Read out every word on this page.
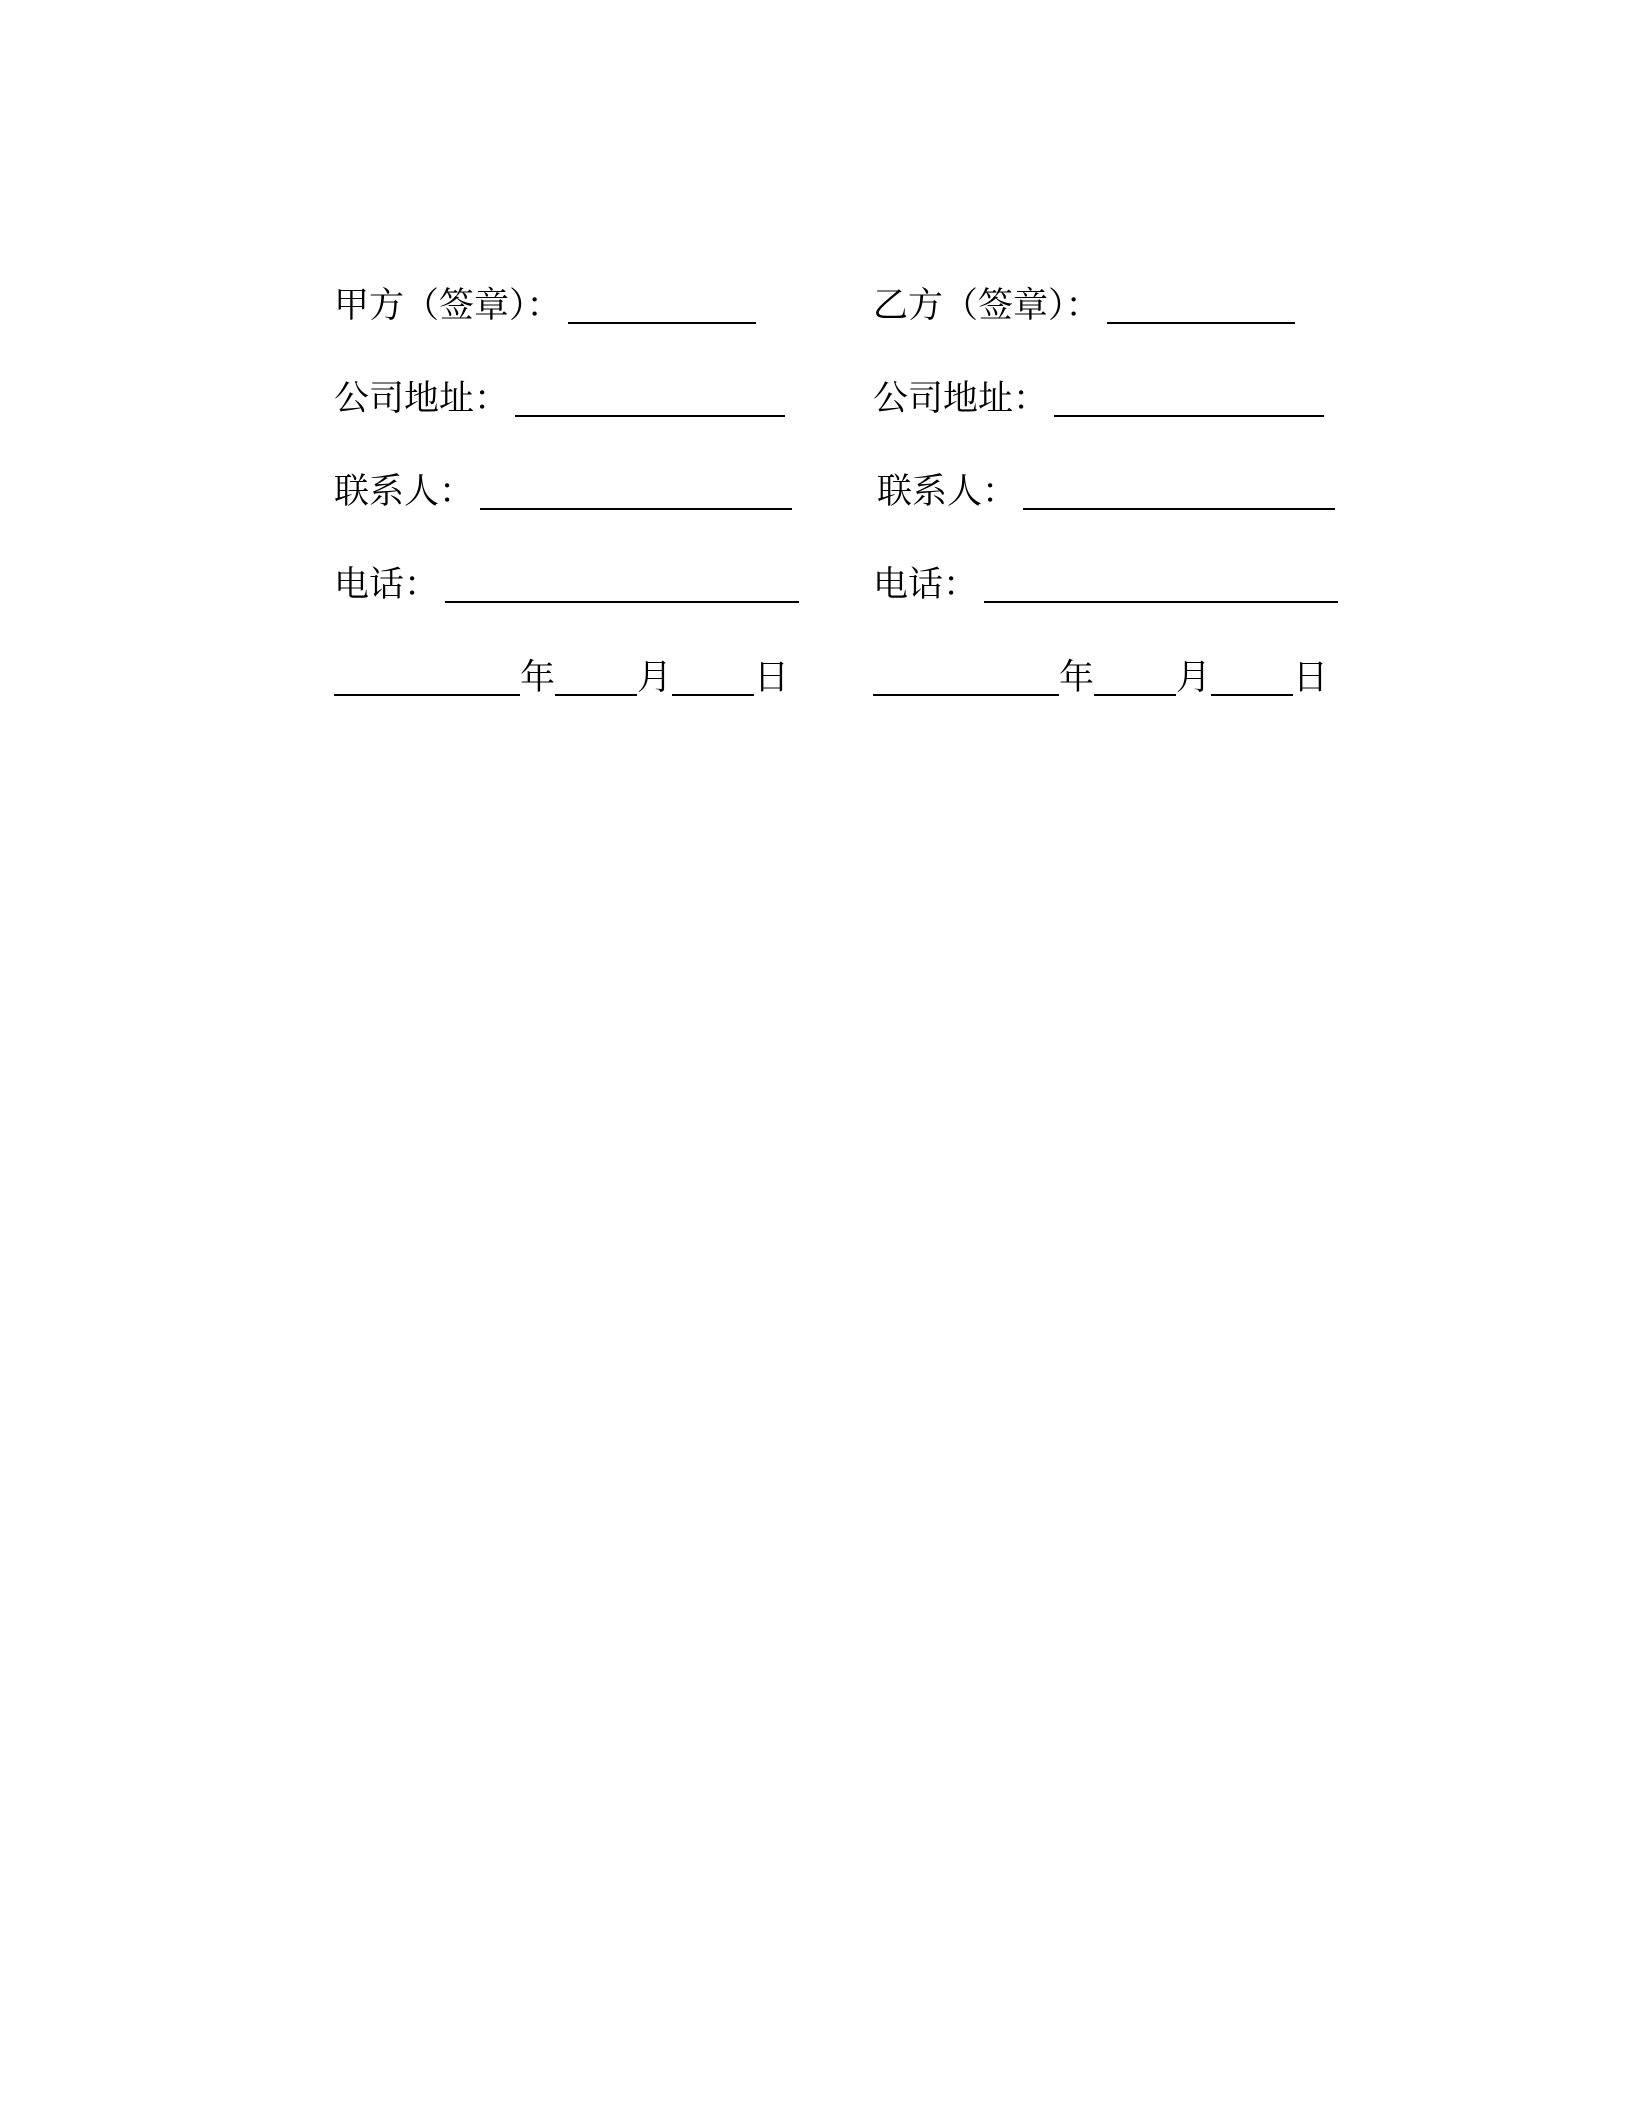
甲方（签章）：
公司地址：
联系人：
电话：
年 月 日
乙方（签章）：
公司地址：
联系人：
电话：
年 月 日
